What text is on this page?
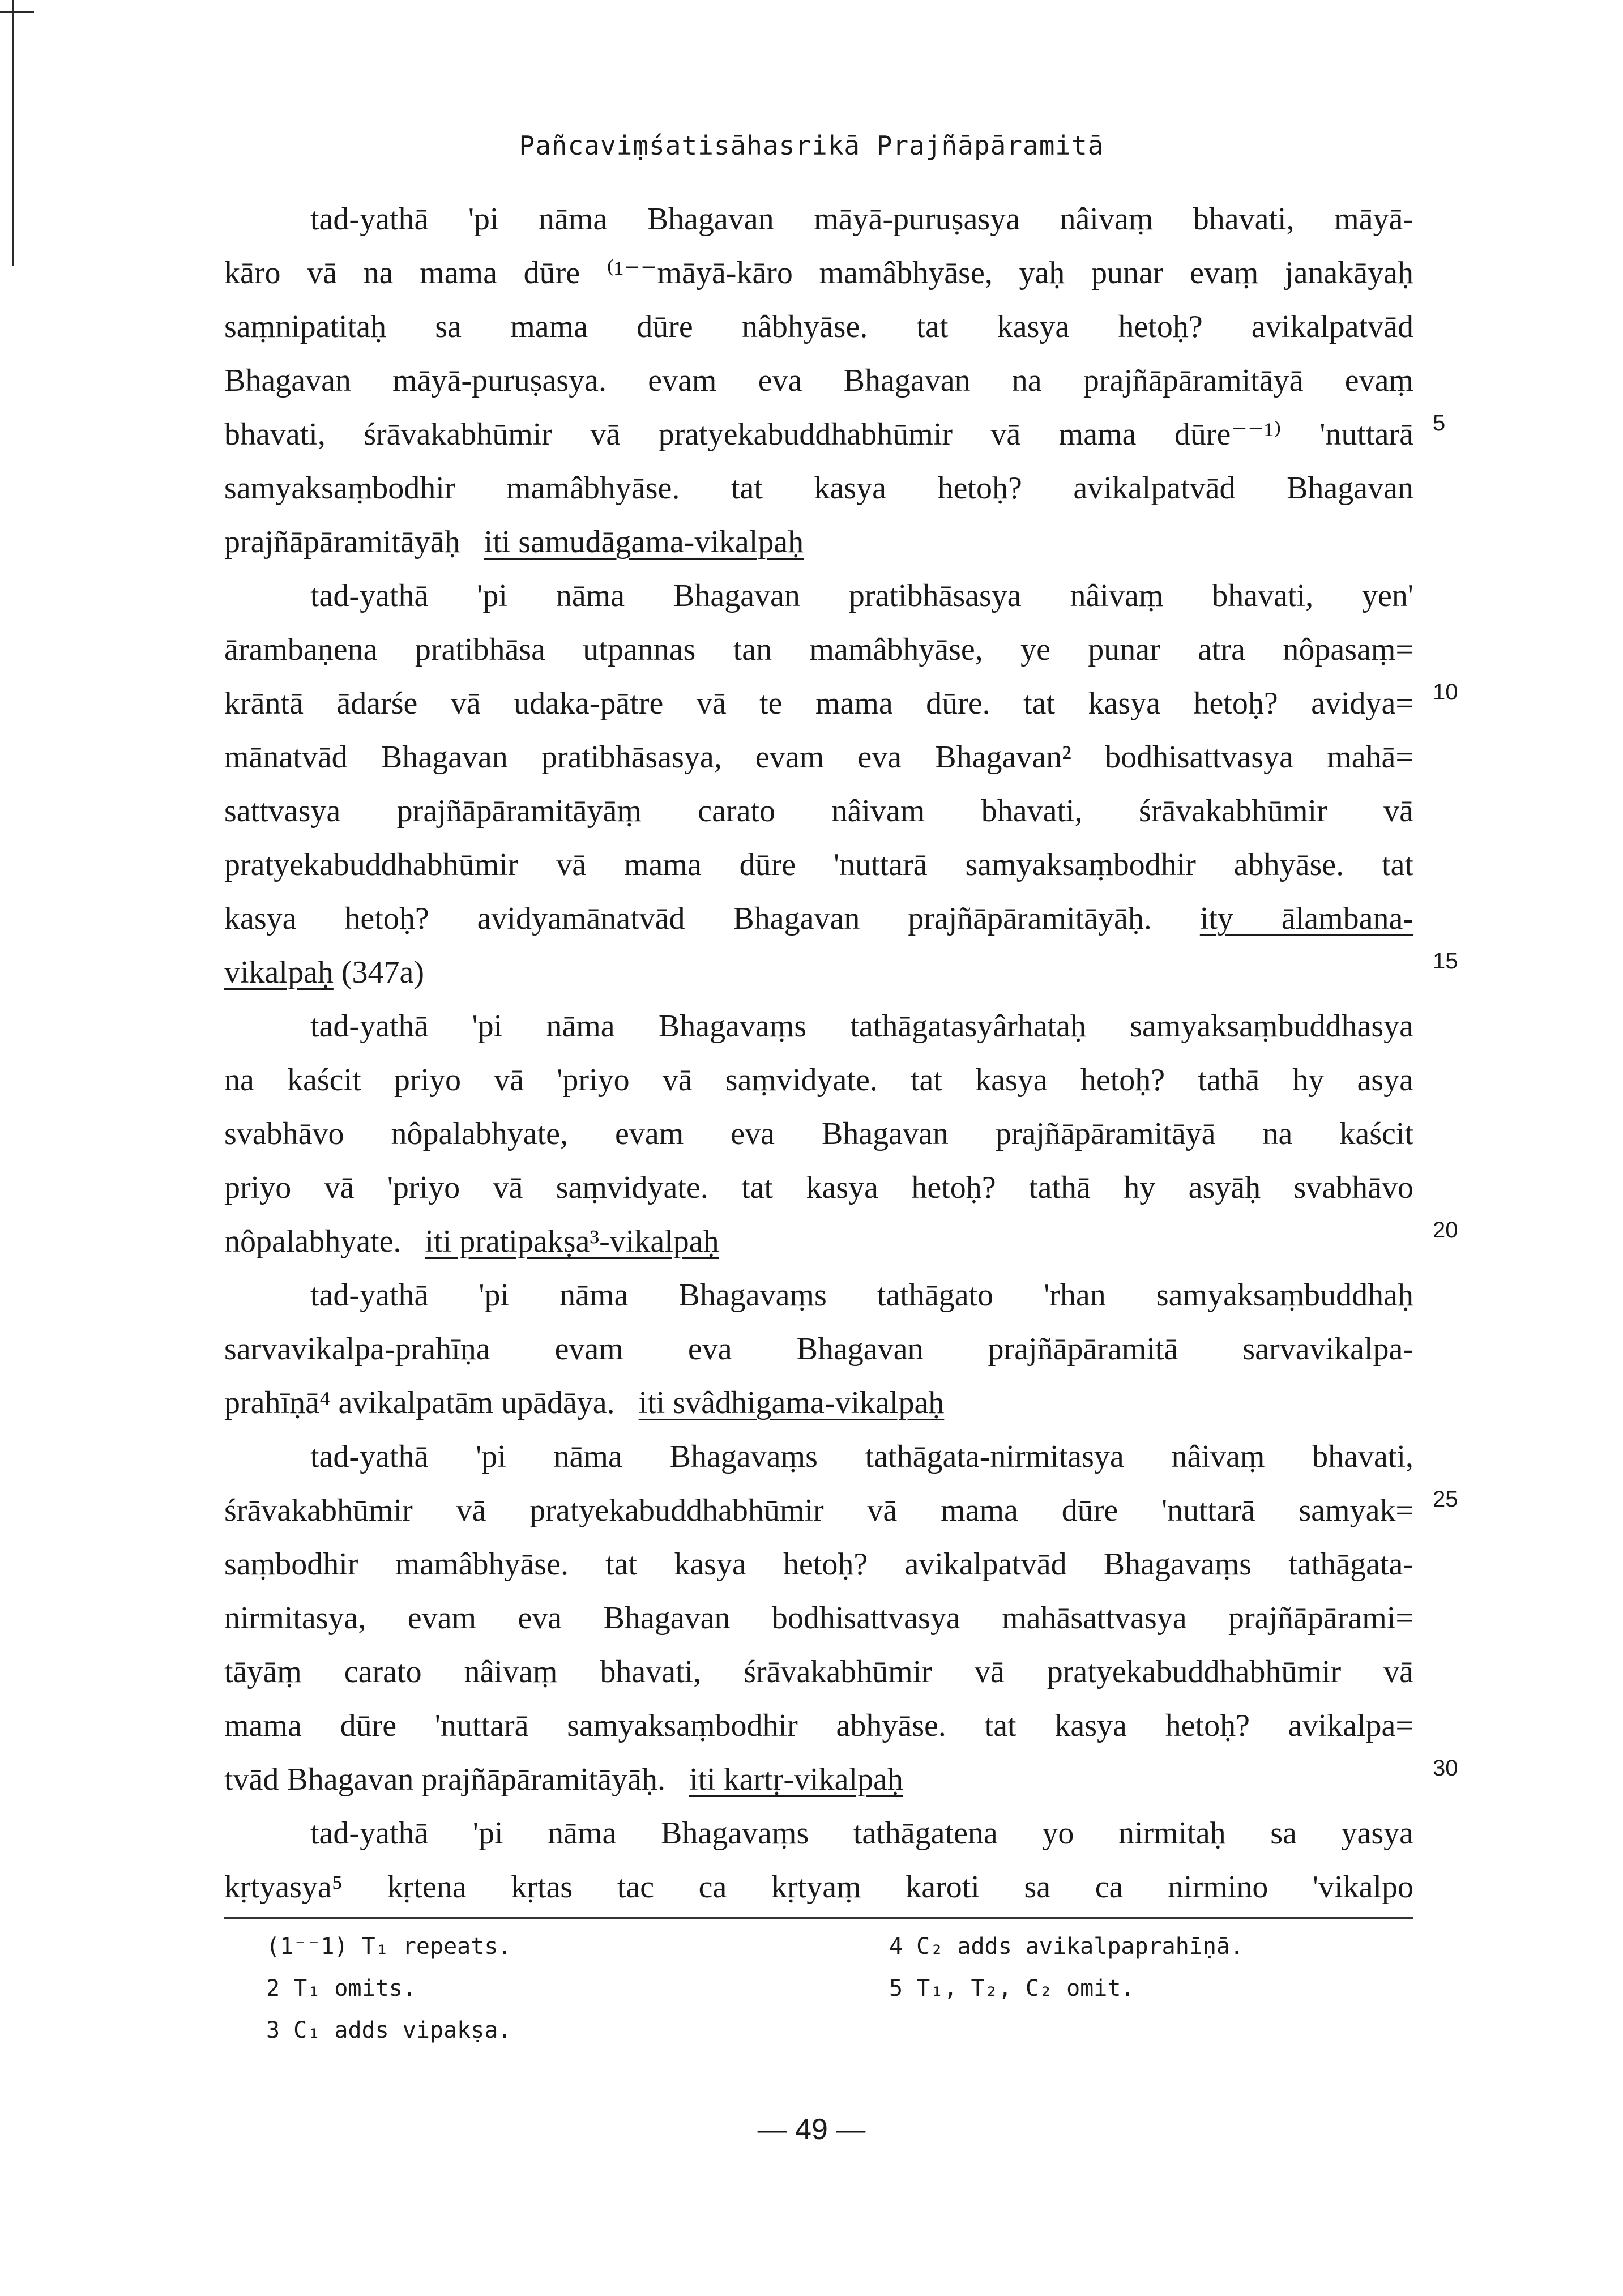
Pañcaviṃśatisāhasrikā Prajñāpāramitā
tad-yathā 'pi nāma Bhagavan māyā-puruṣasya nâivaṃ bhavati, māyā-
kāro vā na mama dūre ⁽¹⁻⁻māyā-kāro mamâbhyāse, yaḥ punar evaṃ janakāyaḥ
saṃnipatitaḥ sa mama dūre nâbhyāse. tat kasya hetoḥ? avikalpatvād
Bhagavan māyā-puruṣasya. evam eva Bhagavan na prajñāpāramitāyā evaṃ
bhavati, śrāvakabhūmir vā pratyekabuddhabhūmir vā mama dūre⁻⁻¹⁾ 'nuttarā
samyaksaṃbodhir mamâbhyāse. tat kasya hetoḥ? avikalpatvād Bhagavan
prajñāpāramitāyāḥ iti samudāgama-vikalpaḥ
tad-yathā 'pi nāma Bhagavan pratibhāsasya nâivaṃ bhavati, yen'
ārambaṇena pratibhāsa utpannas tan mamâbhyāse, ye punar atra nôpasaṃ=
krāntā ādarśe vā udaka-pātre vā te mama dūre. tat kasya hetoḥ? avidya=
mānatvād Bhagavan pratibhāsasya, evam eva Bhagavan² bodhisattvasya mahā=
sattvasya prajñāpāramitāyāṃ carato nâivam bhavati, śrāvakabhūmir vā
pratyekabuddhabhūmir vā mama dūre 'nuttarā samyaksaṃbodhir abhyāse. tat
kasya hetoḥ? avidyamānatvād Bhagavan prajñāpāramitāyāḥ. ity ālambana-
vikalpaḥ (347a)
tad-yathā 'pi nāma Bhagavaṃs tathāgatasyârhataḥ samyaksaṃbuddhasya
na kaścit priyo vā 'priyo vā saṃvidyate. tat kasya hetoḥ? tathā hy asya
svabhāvo nôpalabhyate, evam eva Bhagavan prajñāpāramitāyā na kaścit
priyo vā 'priyo vā saṃvidyate. tat kasya hetoḥ? tathā hy asyāḥ svabhāvo
nôpalabhyate. iti pratipakṣa³-vikalpaḥ
tad-yathā 'pi nāma Bhagavaṃs tathāgato 'rhan samyaksaṃbuddhaḥ
sarvavikalpa-prahīṇa evam eva Bhagavan prajñāpāramitā sarvavikalpa-
prahīṇā⁴ avikalpatām upādāya. iti svâdhigama-vikalpaḥ
tad-yathā 'pi nāma Bhagavaṃs tathāgata-nirmitasya nâivaṃ bhavati,
śrāvakabhūmir vā pratyekabuddhabhūmir vā mama dūre 'nuttarā samyak=
saṃbodhir mamâbhyāse. tat kasya hetoḥ? avikalpatvād Bhagavaṃs tathāgata-
nirmitasya, evam eva Bhagavan bodhisattvasya mahāsattvasya prajñāpārami=
tāyāṃ carato nâivaṃ bhavati, śrāvakabhūmir vā pratyekabuddhabhūmir vā
mama dūre 'nuttarā samyaksaṃbodhir abhyāse. tat kasya hetoḥ? avikalpa=
tvād Bhagavan prajñāpāramitāyāḥ. iti kartṛ-vikalpaḥ
tad-yathā 'pi nāma Bhagavaṃs tathāgatena yo nirmitaḥ sa yasya
kṛtyasya⁵ kṛtena kṛtas tac ca kṛtyaṃ karoti sa ca nirmino 'vikalpo
5
10
15
20
25
30
(1⁻⁻1) T₁ repeats.
2 T₁ omits.
3 C₁ adds vipakṣa.
4 C₂ adds avikalpaprahīṇā.
5 T₁, T₂, C₂ omit.
— 49 —
